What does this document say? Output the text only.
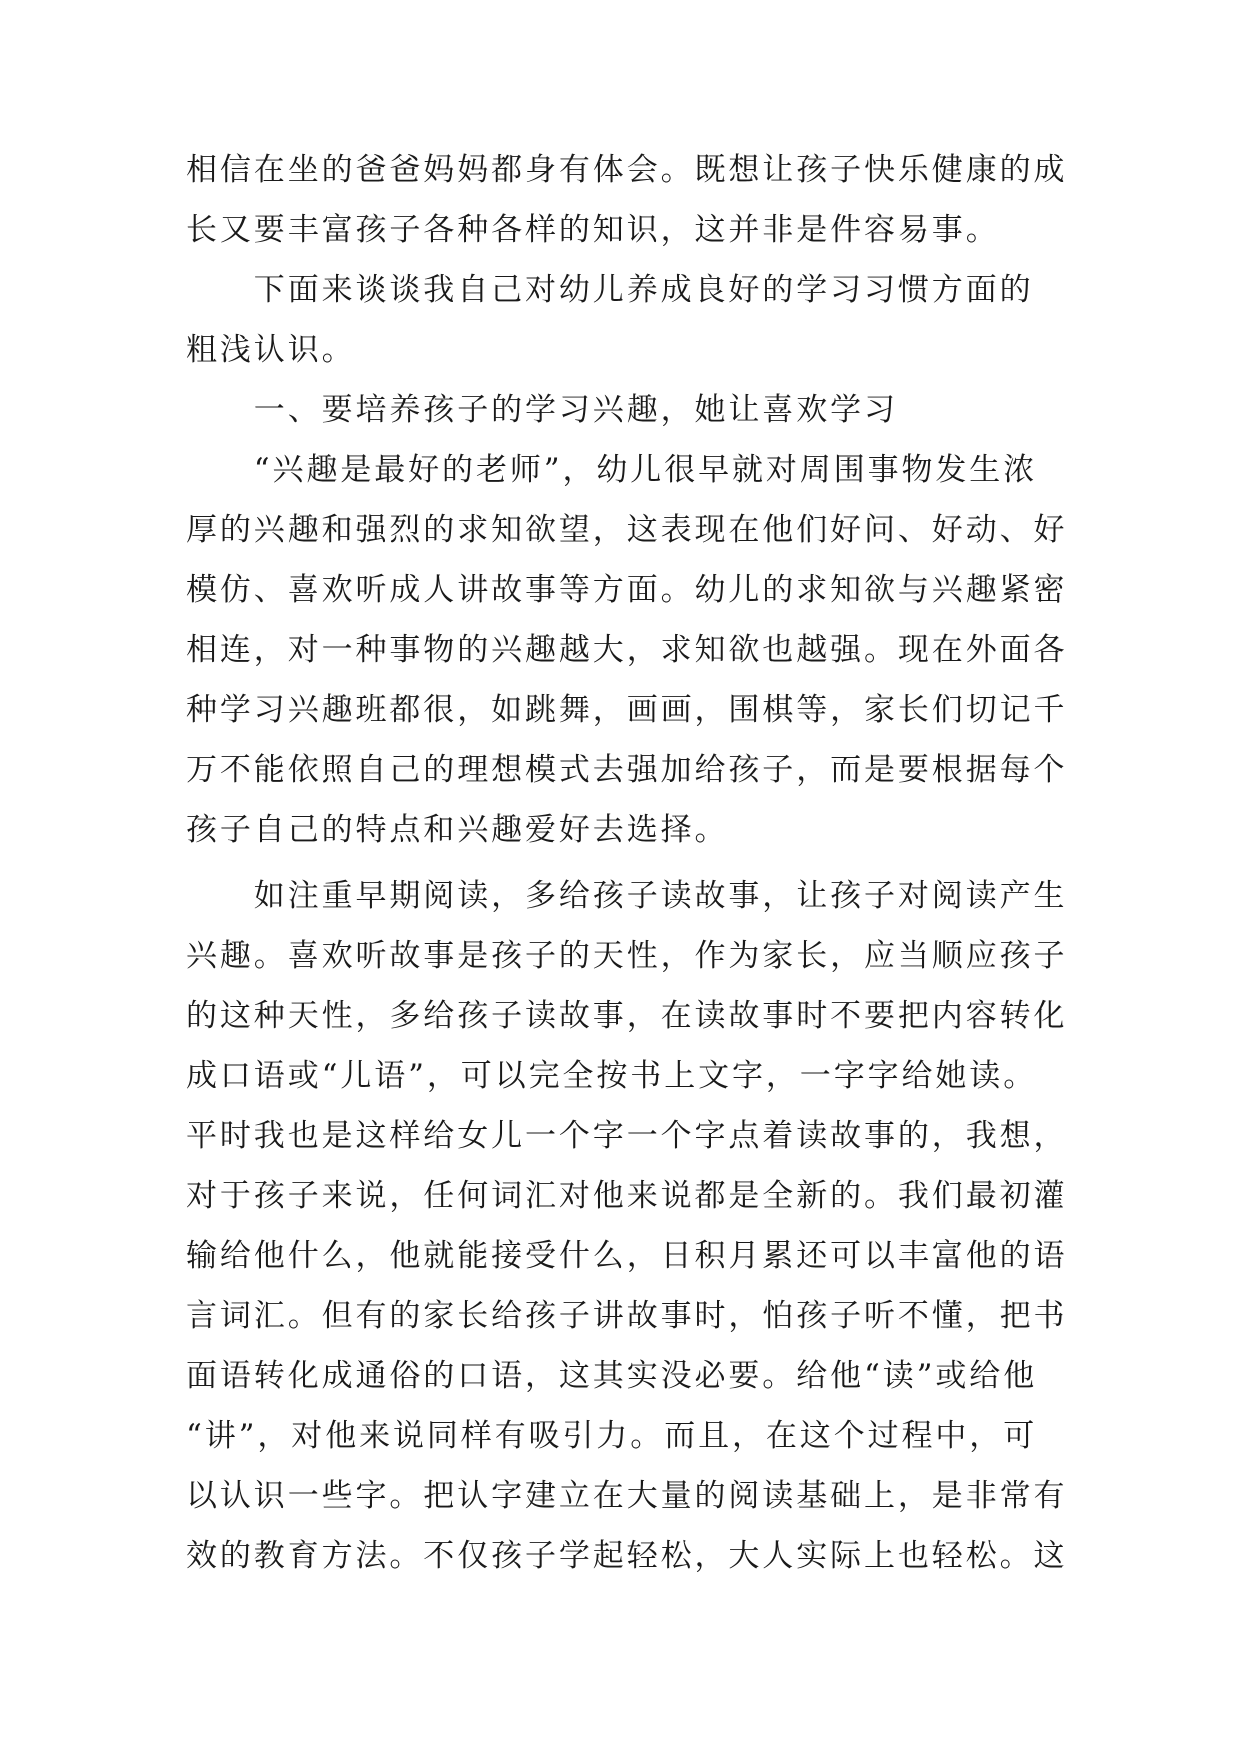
相信在坐的爸爸妈妈都身有体会。既想让孩子快乐健康的成
长又要丰富孩子各种各样的知识，这并非是件容易事。
　　下面来谈谈我自己对幼儿养成良好的学习习惯方面的
粗浅认识。
　　一、要培养孩子的学习兴趣，她让喜欢学习
　　“兴趣是最好的老师”，幼儿很早就对周围事物发生浓
厚的兴趣和强烈的求知欲望，这表现在他们好问、好动、好
模仿、喜欢听成人讲故事等方面。幼儿的求知欲与兴趣紧密
相连，对一种事物的兴趣越大，求知欲也越强。现在外面各
种学习兴趣班都很，如跳舞，画画，围棋等，家长们切记千
万不能依照自己的理想模式去强加给孩子，而是要根据每个
孩子自己的特点和兴趣爱好去选择。
　　如注重早期阅读，多给孩子读故事，让孩子对阅读产生
兴趣。喜欢听故事是孩子的天性，作为家长，应当顺应孩子
的这种天性，多给孩子读故事，在读故事时不要把内容转化
成口语或“儿语”，可以完全按书上文字，一字字给她读。
平时我也是这样给女儿一个字一个字点着读故事的，我想，
对于孩子来说，任何词汇对他来说都是全新的。我们最初灌
输给他什么，他就能接受什么，日积月累还可以丰富他的语
言词汇。但有的家长给孩子讲故事时，怕孩子听不懂，把书
面语转化成通俗的口语，这其实没必要。给他“读”或给他
“讲”，对他来说同样有吸引力。而且，在这个过程中，可
以认识一些字。把认字建立在大量的阅读基础上，是非常有
效的教育方法。不仅孩子学起轻松，大人实际上也轻松。这
